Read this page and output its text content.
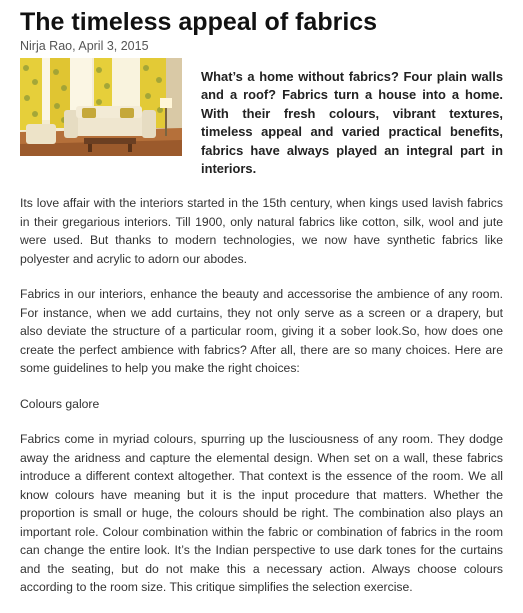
The timeless appeal of fabrics
Nirja Rao, April 3, 2015

What’s a home without fabrics? Four plain walls and a roof? Fabrics turn a house into a home. With their fresh colours, vibrant textures, timeless appeal and varied practical benefits, fabrics have always played an integral part in interiors.

Its love affair with the interiors started in the 15th century, when kings used lavish fabrics in their gregarious interiors. Till 1900, only natural fabrics like cotton, silk, wool and jute were used. But thanks to modern technologies, we now have synthetic fabrics like polyester and acrylic to adorn our abodes.

Fabrics in our interiors, enhance the beauty and accessorise the ambience of any room. For instance, when we add curtains, they not only serve as a screen or a drapery, but also deviate the structure of a particular room, giving it a sober look.So, how does one create the perfect ambience with fabrics? After all, there are so many choices. Here are some guidelines to help you make the right choices:

Colours galore

Fabrics come in myriad colours, spurring up the lusciousness of any room. They dodge away the aridness and capture the elemental design. When set on a wall, these fabrics introduce a different context altogether. That context is the essence of the room. We all know colours have meaning but it is the input procedure that matters. Whether the proportion is small or huge, the colours should be right. The combination also plays an important role. Colour combination within the fabric or combination of fabrics in the room can change the entire look. It’s the Indian perspective to use dark tones for the curtains and the seating, but do not make this a necessary action. Always choose colours according to the room size. This critique simplifies the selection exercise.
